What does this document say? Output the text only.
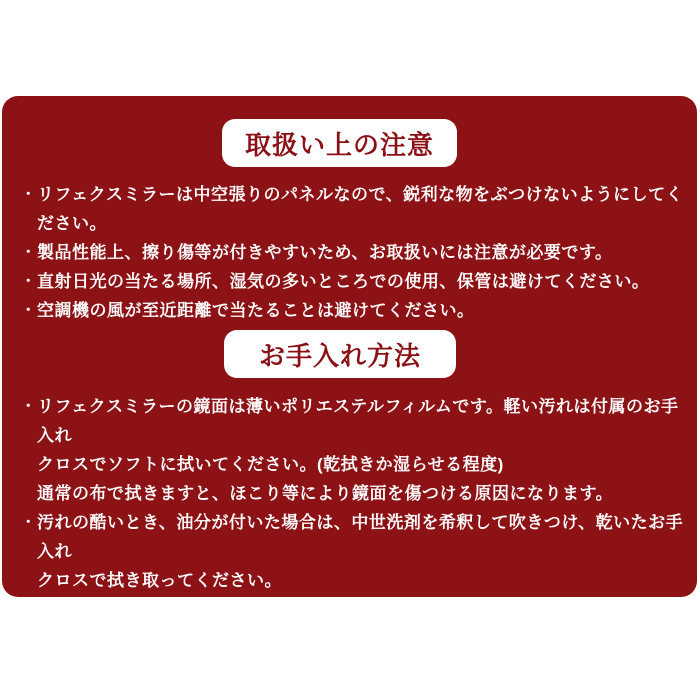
取扱い上の注意
・ リフェクスミラーは中空張りのパネルなので、鋭利な物をぶつけないようにしてください。
・ 製品性能上、擦り傷等が付きやすいため、お取扱いには注意が必要です。
・ 直射日光の当たる場所、湿気の多いところでの使用、保管は避けてください。
・ 空調機の風が至近距離で当たることは避けてください。
お手入れ方法
・ リフェクスミラーの鏡面は薄いポリエステルフィルムです。軽い汚れは付属のお手入れ
クロスでソフトに拭いてください。(乾拭きか湿らせる程度)
通常の布で拭きますと、ほこり等により鏡面を傷つける原因になります。
・ 汚れの酷いとき、油分が付いた場合は、中世洗剤を希釈して吹きつけ、乾いたお手入れ
クロスで拭き取ってください。
・ 表面はポリエステルフィルムのため、溶剤の使用は厳禁です。又、研磨剤等が混入してい
るクリーナーも傷の原因となりますので使用しないでください。
